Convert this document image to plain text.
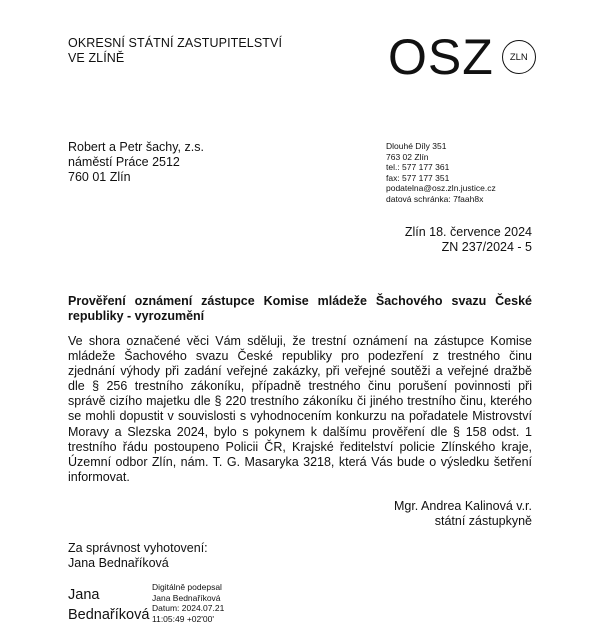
OKRESNÍ STÁTNÍ ZASTUPITELSTVÍ
VE ZLÍNĚ	OSZ	ZLN
Robert a Petr šachy, z.s.
náměstí Práce 2512
760 01 Zlín
Dlouhé Díly 351
763 02 Zlín
tel.: 577 177 361
fax: 577 177 351
podatelna@osz.zln.justice.cz
datová schránka: 7faah8x
Zlín 18. července 2024
ZN 237/2024 - 5
Prověření oznámení zástupce Komise mládeže Šachového svazu České republiky - vyrozumění
Ve shora označené věci Vám sděluji, že trestní oznámení na zástupce Komise mládeže Šachového svazu České republiky pro podezření z trestného činu zjednání výhody při zadání veřejné zakázky, při veřejné soutěži a veřejné dražbě dle § 256 trestního zákoníku, případně trestného činu porušení povinnosti při správě cizího majetku dle § 220 trestního zákoníku či jiného trestního činu, kterého se mohli dopustit v souvislosti s vyhodnocením konkurzu na pořadatele Mistrovství Moravy a Slezska 2024, bylo s pokynem k dalšímu prověření dle § 158 odst. 1 trestního řádu postoupeno Policii ČR, Krajské ředitelství policie Zlínského kraje, Územní odbor Zlín, nám. T. G. Masaryka 3218, která Vás bude o výsledku šetření informovat.
Mgr. Andrea Kalinová v.r.
státní zástupkyně
Za správnost vyhotovení:
Jana Bednaříková
Jana
Bednaříková
Digitálně podepsal
Jana Bednaříková
Datum: 2024.07.21
11:05:49 +02'00'
